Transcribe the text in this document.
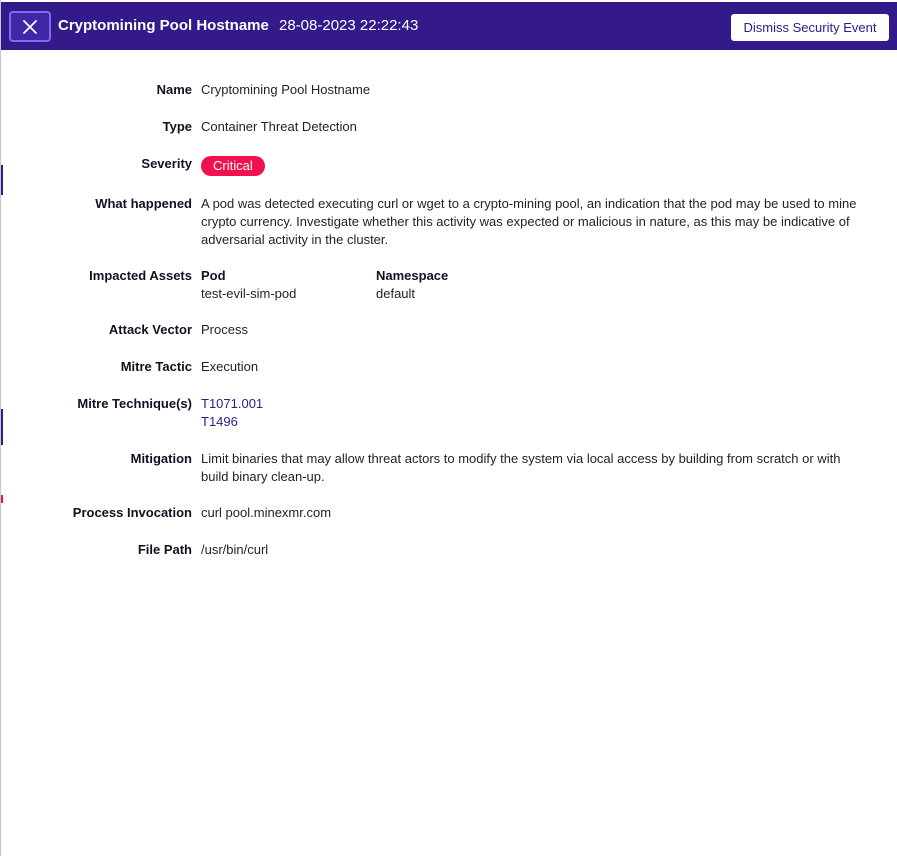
Cryptomining Pool Hostname 28-08-2023 22:22:43	Dismiss Security Event
Name Cryptomining Pool Hostname
Type Container Threat Detection
Severity	Critical
What happened A pod was detected executing curl or wget to a crypto-mining pool, an indication that the pod may be used to mine crypto currency. Investigate whether this activity was expected or malicious in nature, as this may be indicative of adversarial activity in the cluster.
Impacted Assets Pod
test-evil-sim-pod
Namespace
default
Attack Vector Process
Mitre Tactic Execution
Mitre Technique(s) T1071.001
T1496
Mitigation Limit binaries that may allow threat actors to modify the system via local access by building from scratch or with build binary clean-up.
Process Invocation curl pool.minexmr.com
File Path /usr/bin/curl
